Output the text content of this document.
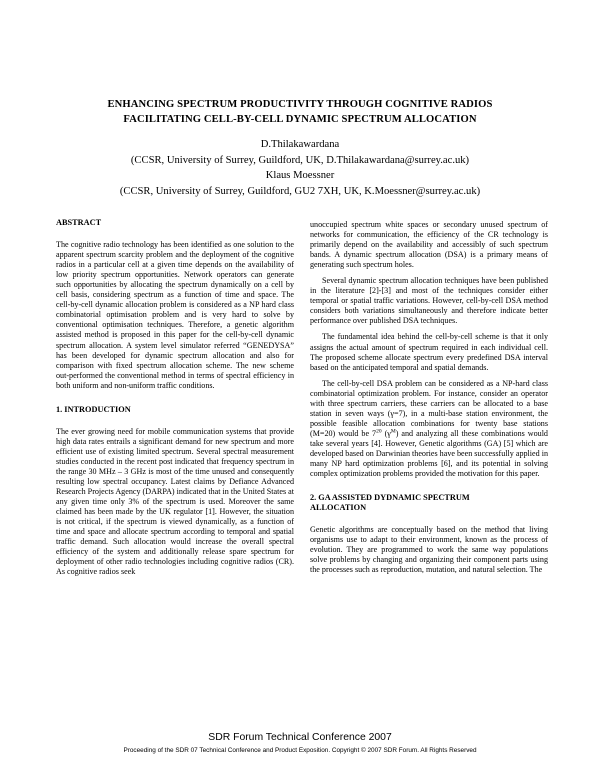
ENHANCING SPECTRUM PRODUCTIVITY THROUGH COGNITIVE RADIOS
FACILITATING CELL-BY-CELL DYNAMIC SPECTRUM ALLOCATION
D.Thilakawardana
(CCSR, University of Surrey, Guildford, UK, D.Thilakawardana@surrey.ac.uk)
Klaus Moessner
(CCSR, University of Surrey, Guildford, GU2 7XH, UK, K.Moessner@surrey.ac.uk)

ABSTRACT

The cognitive radio technology has been identified as one solution to the apparent spectrum scarcity problem and the deployment of the cognitive radios in a particular cell at a given time depends on the availability of low priority spectrum opportunities. Network operators can generate such opportunities by allocating the spectrum dynamically on a cell by cell basis, considering spectrum as a function of time and space. The cell-by-cell dynamic allocation problem is considered as a NP hard class combinatorial optimisation problem and is very hard to solve by conventional optimisation techniques. Therefore, a genetic algorithm assisted method is proposed in this paper for the cell-by-cell dynamic spectrum allocation. A system level simulator referred “GENEDYSA” has been developed for dynamic spectrum allocation and also for comparison with fixed spectrum allocation scheme. The new scheme out-performed the conventional method in terms of spectral efficiency in both uniform and non-uniform traffic conditions.

1. INTRODUCTION

The ever growing need for mobile communication systems that provide high data rates entrails a significant demand for new spectrum and more efficient use of existing limited spectrum. Several spectral measurement studies conducted in the recent post indicated that frequency spectrum in the range 30 MHz – 3 GHz is most of the time unused and consequently resulting low spectral occupancy. Latest claims by Defiance Advanced Research Projects Agency (DARPA) indicated that in the United States at any given time only 3% of the spectrum is used. Moreover the same claimed has been made by the UK regulator [1]. However, the situation is not critical, if the spectrum is viewed dynamically, as a function of time and space and allocate spectrum according to temporal and spatial traffic demand. Such allocation would increase the overall spectral efficiency of the system and additionally release spare spectrum for deployment of other radio technologies including cognitive radios (CR). As cognitive radios seek

unoccupied spectrum white spaces or secondary unused spectrum of networks for communication, the efficiency of the CR technology is primarily depend on the availability and accessibly of such spectrum bands. A dynamic spectrum allocation (DSA) is a primary means of generating such spectrum holes.

Several dynamic spectrum allocation techniques have been published in the literature [2]-[3] and most of the techniques consider either temporal or spatial traffic variations. However, cell-by-cell DSA method considers both variations simultaneously and therefore indicate better performance over published DSA techniques.

The fundamental idea behind the cell-by-cell scheme is that it only assigns the actual amount of spectrum required in each individual cell. The proposed scheme allocate spectrum every predefined DSA interval based on the anticipated temporal and spatial demands.

The cell-by-cell DSA problem can be considered as a NP-hard class combinatorial optimization problem. For instance, consider an operator with three spectrum carriers, these carriers can be allocated to a base station in seven ways (γ=7), in a multi-base station environment, the possible feasible allocation combinations for twenty base stations (M=20) would be $7^{20}$ $(\gamma^M)$ and analyzing all these combinations would take several years [4]. However, Genetic algorithms (GA) [5] which are developed based on Darwinian theories have been successfully applied in many NP hard optimization problems [6], and its potential in solving complex optimization problems provided the motivation for this paper.

2. GA ASSISTED DYDNAMIC SPECTRUM
ALLOCATION

Genetic algorithms are conceptually based on the method that living organisms use to adapt to their environment, known as the process of evolution. They are programmed to work the same way populations solve problems by changing and organizing their component parts using the processes such as reproduction, mutation, and natural selection. The

SDR Forum Technical Conference 2007
Proceeding of the SDR 07 Technical Conference and Product Exposition. Copyright © 2007 SDR Forum. All Rights Reserved
